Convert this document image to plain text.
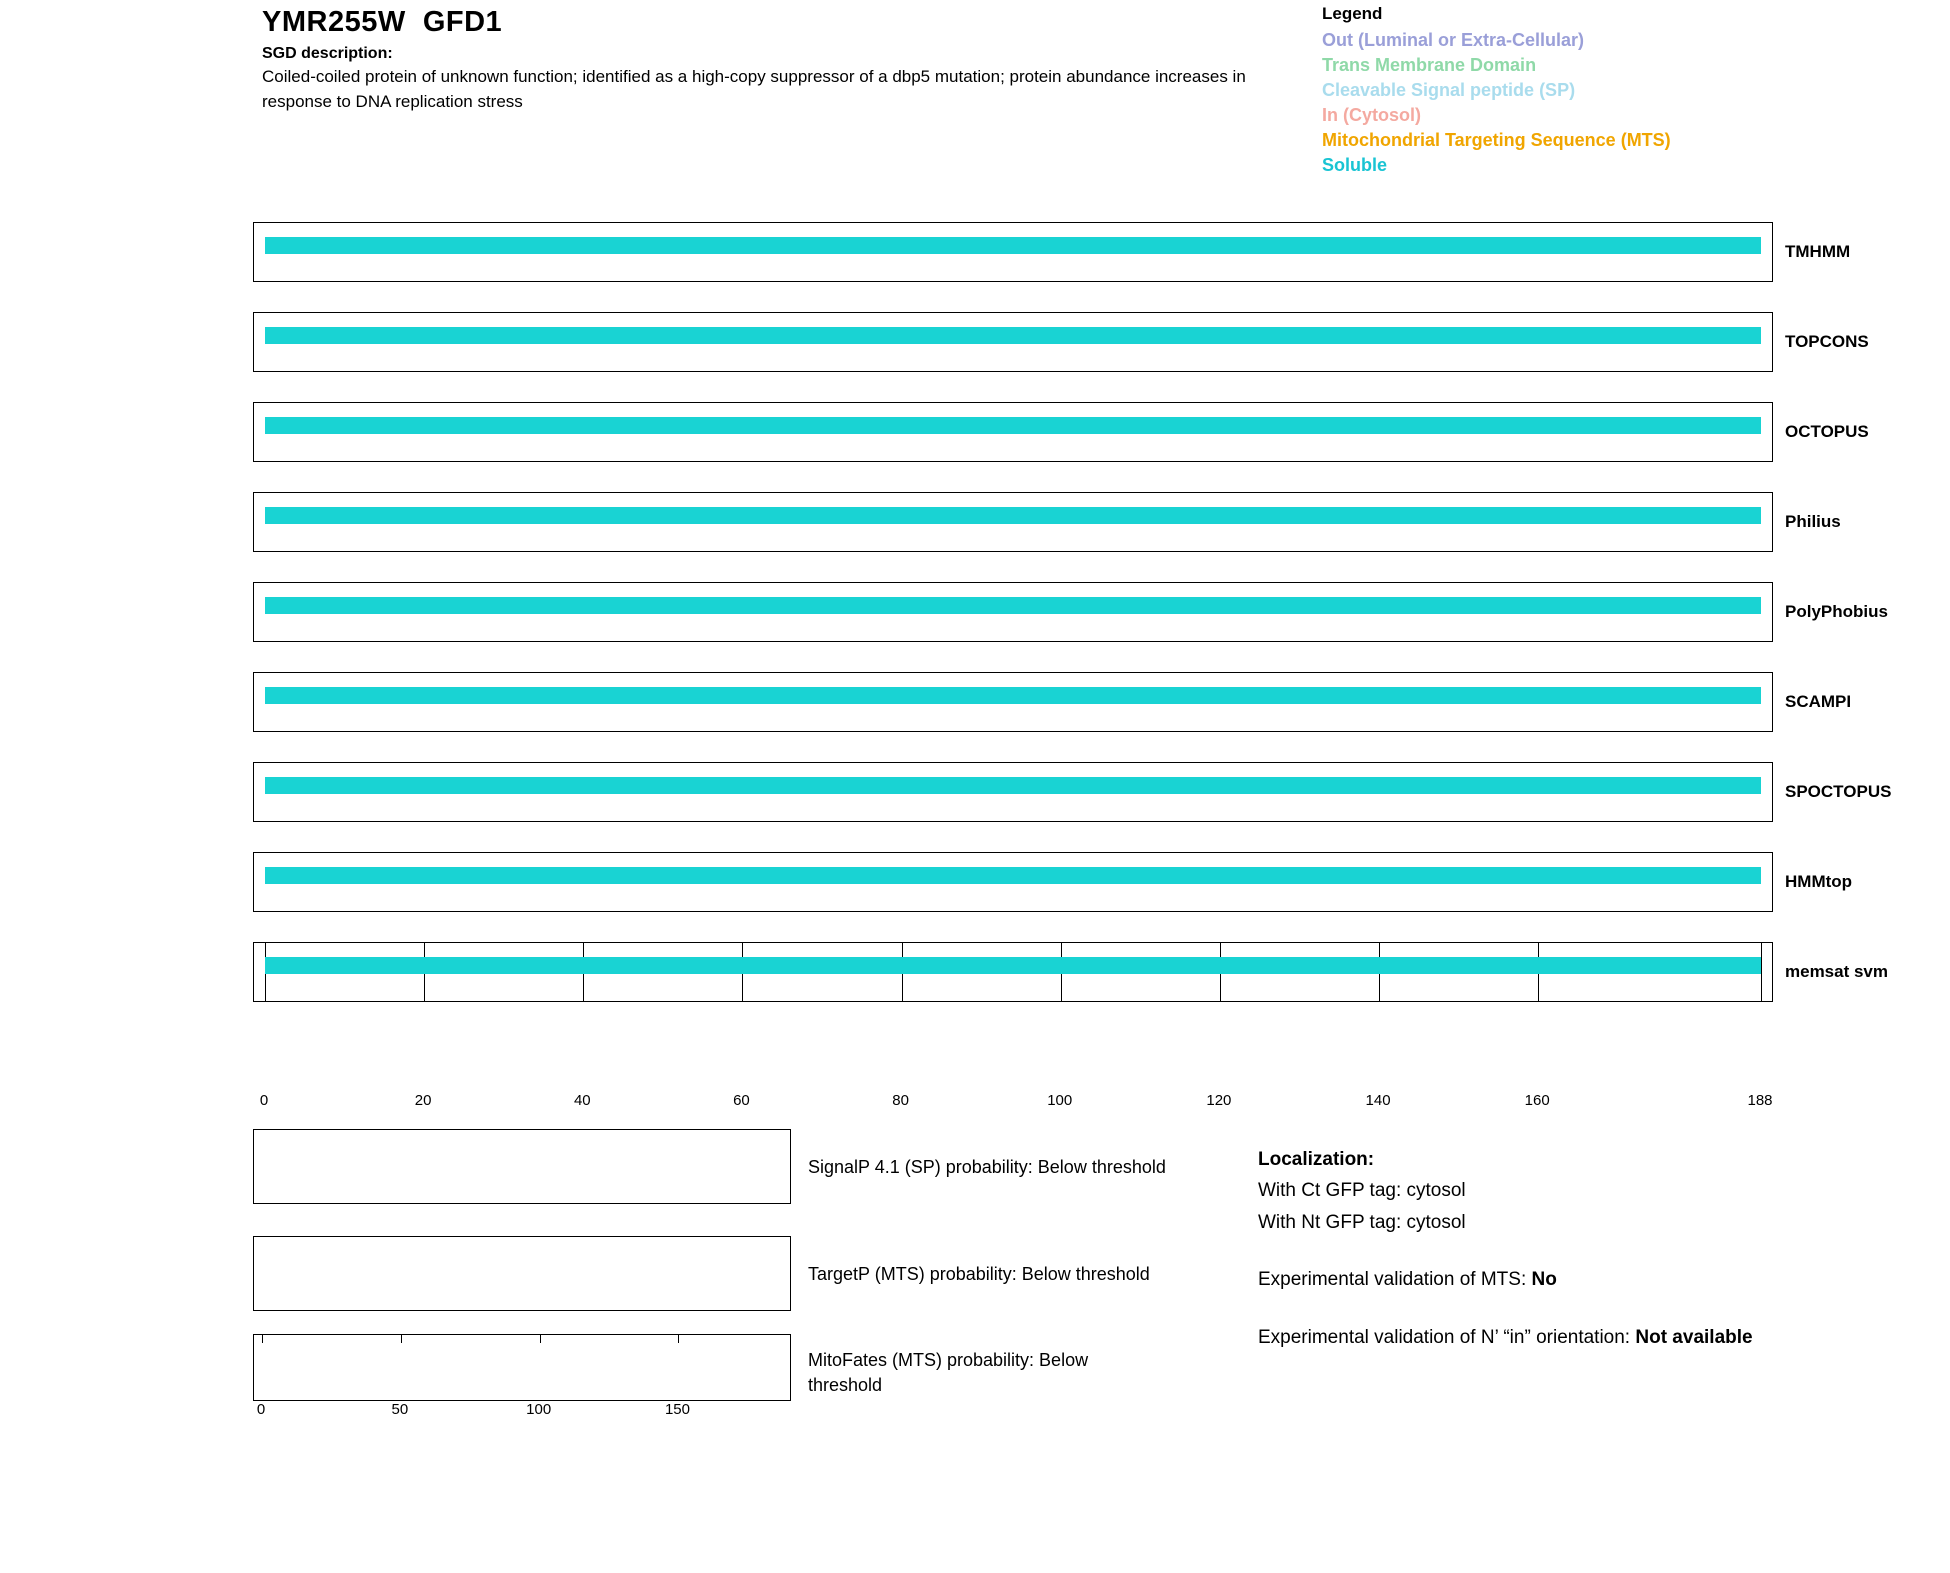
YMR255W  GFD1
SGD description:
Coiled-coiled protein of unknown function; identified as a high-copy suppressor of a dbp5 mutation; protein abundance increases in response to DNA replication stress
Legend
Out (Luminal or Extra-Cellular)
Trans Membrane Domain
Cleavable Signal peptide (SP)
In (Cytosol)
Mitochondrial Targeting Sequence (MTS)
Soluble
TMHMM
TOPCONS
OCTOPUS
Philius
PolyPhobius
SCAMPI
SPOCTOPUS
HMMtop
memsat svm
0	20	40	60	80	100	120	140	160	188
SignalP 4.1 (SP) probability: Below threshold
TargetP (MTS) probability: Below threshold
MitoFates (MTS) probability: Below threshold
0	50	100	150
Localization:
With Ct GFP tag: cytosol
With Nt GFP tag: cytosol
Experimental validation of MTS: No
Experimental validation of N’ “in” orientation: Not available
